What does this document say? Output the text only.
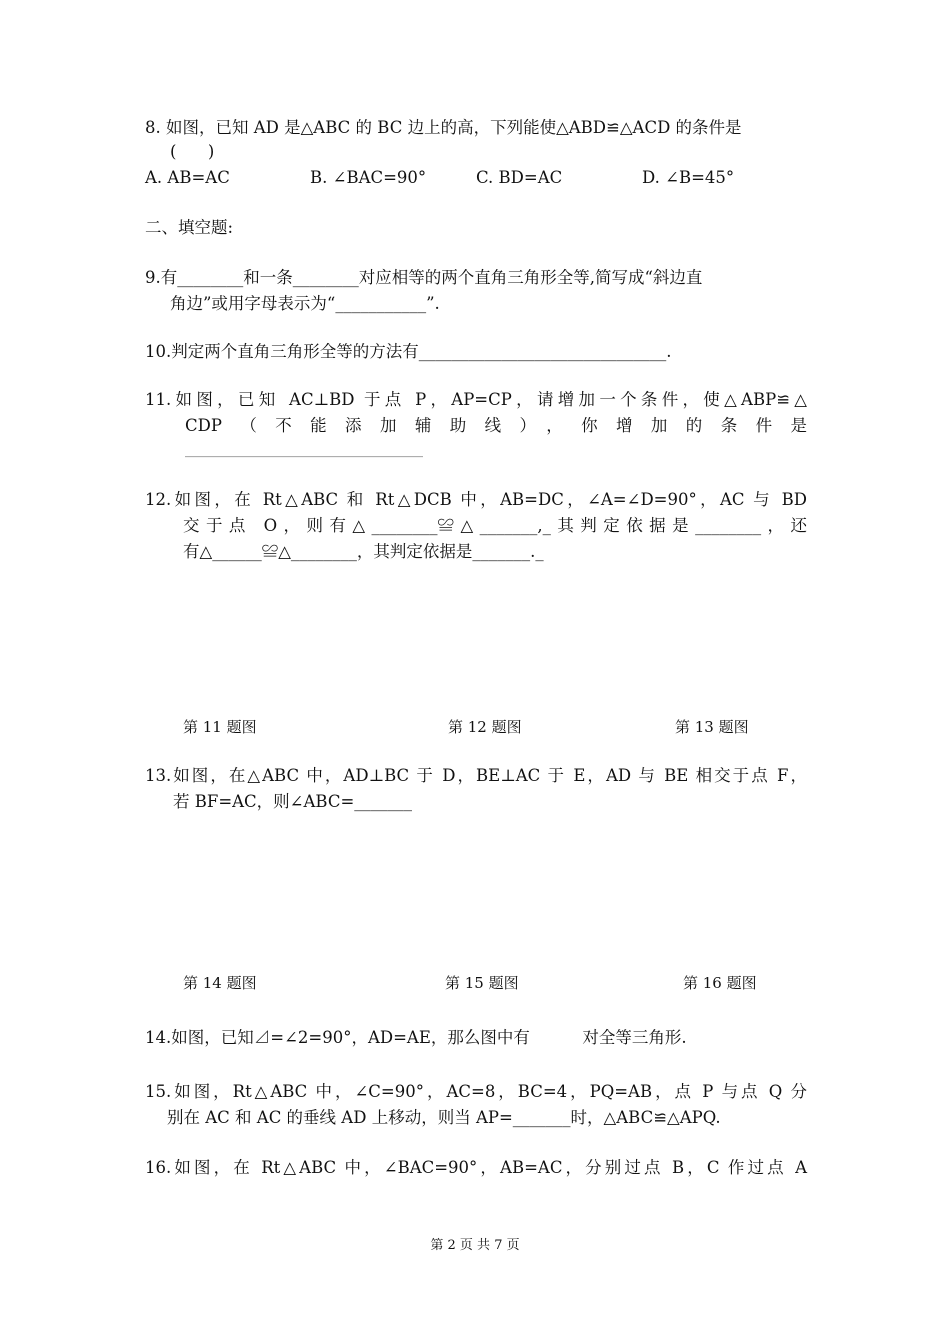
8. 如图，已知 AD 是△ABC 的 BC 边上的高，下列能使△ABD≌△ACD 的条件是
(      )
A. AB=AC	B. ∠BAC=90°	C. BD=AC	D. ∠B=45°
二、填空题:
9.有________和一条________对应相等的两个直角三角形全等,简写成“斜边直
角边”或用字母表示为“___________”.
10.判定两个直角三角形全等的方法有______________________________.
11.如图，已知 AC⊥BD 于点 P，AP=CP，请增加一个条件，使△ABP≌△
CDP（不能添加辅助线），你增加的条件是
__________________________________
12.如图，在 Rt△ABC 和 Rt△DCB 中，AB=DC，∠A=∠D=90°，AC 与 BD
交于点 O，则有△________≌△_______,_其判定依据是________，还
有△______≌△________，其判定依据是_______._
第 11 题图	第 12 题图	第 13 题图
13.如图，在△ABC 中，AD⊥BC 于 D，BE⊥AC 于 E，AD 与 BE 相交于点 F，
若 BF=AC，则∠ABC=_______
第 14 题图	第 15 题图	第 16 题图
14.如图，已知⊿=∠2=90°，AD=AE，那么图中有          对全等三角形.
15.如图，Rt△ABC 中，∠C=90°，AC=8，BC=4，PQ=AB，点 P 与点 Q 分
别在 AC 和 AC 的垂线 AD 上移动，则当 AP=_______时，△ABC≌△APQ.
16.如图，在 Rt△ABC 中，∠BAC=90°，AB=AC，分别过点 B，C 作过点 A
第 2 页 共 7 页
